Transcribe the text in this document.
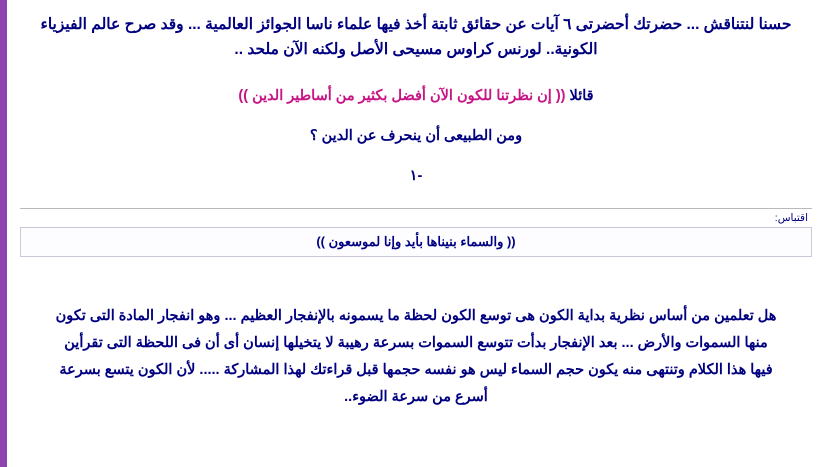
حسنا لنتناقش ... حضرتك أحضرتى ٦ آيات عن حقائق ثابتة أخذ فيها علماء ناسا الجوائز العالمية ... وقد صرح عالم الفيزياء
الكونية.. لورنس كراوس مسيحى الأصل ولكنه الآن ملحد ..
قائلا (( إن نظرتنا للكون الآن أفضل بكثير من أساطير الدين ))
ومن الطبيعى أن ينحرف عن الدين ؟
-١
اقتباس:
(( والسماء بنيناها بأيد وإنا لموسعون ))
هل تعلمين من أساس نظرية بداية الكون هى توسع الكون لحظة ما يسمونه بالإنفجار العظيم ... وهو انفجار المادة التى تكون
منها السموات والأرض ... بعد الإنفجار بدأت تتوسع السموات بسرعة رهيبة لا يتخيلها إنسان أى أن فى اللحظة التى تقرأين
فيها هذا الكلام وتنتهى منه يكون حجم السماء ليس هو نفسه حجمها قبل قراءتك لهذا المشاركة ..... لأن الكون يتسع بسرعة
أسرع من سرعة الضوء..
